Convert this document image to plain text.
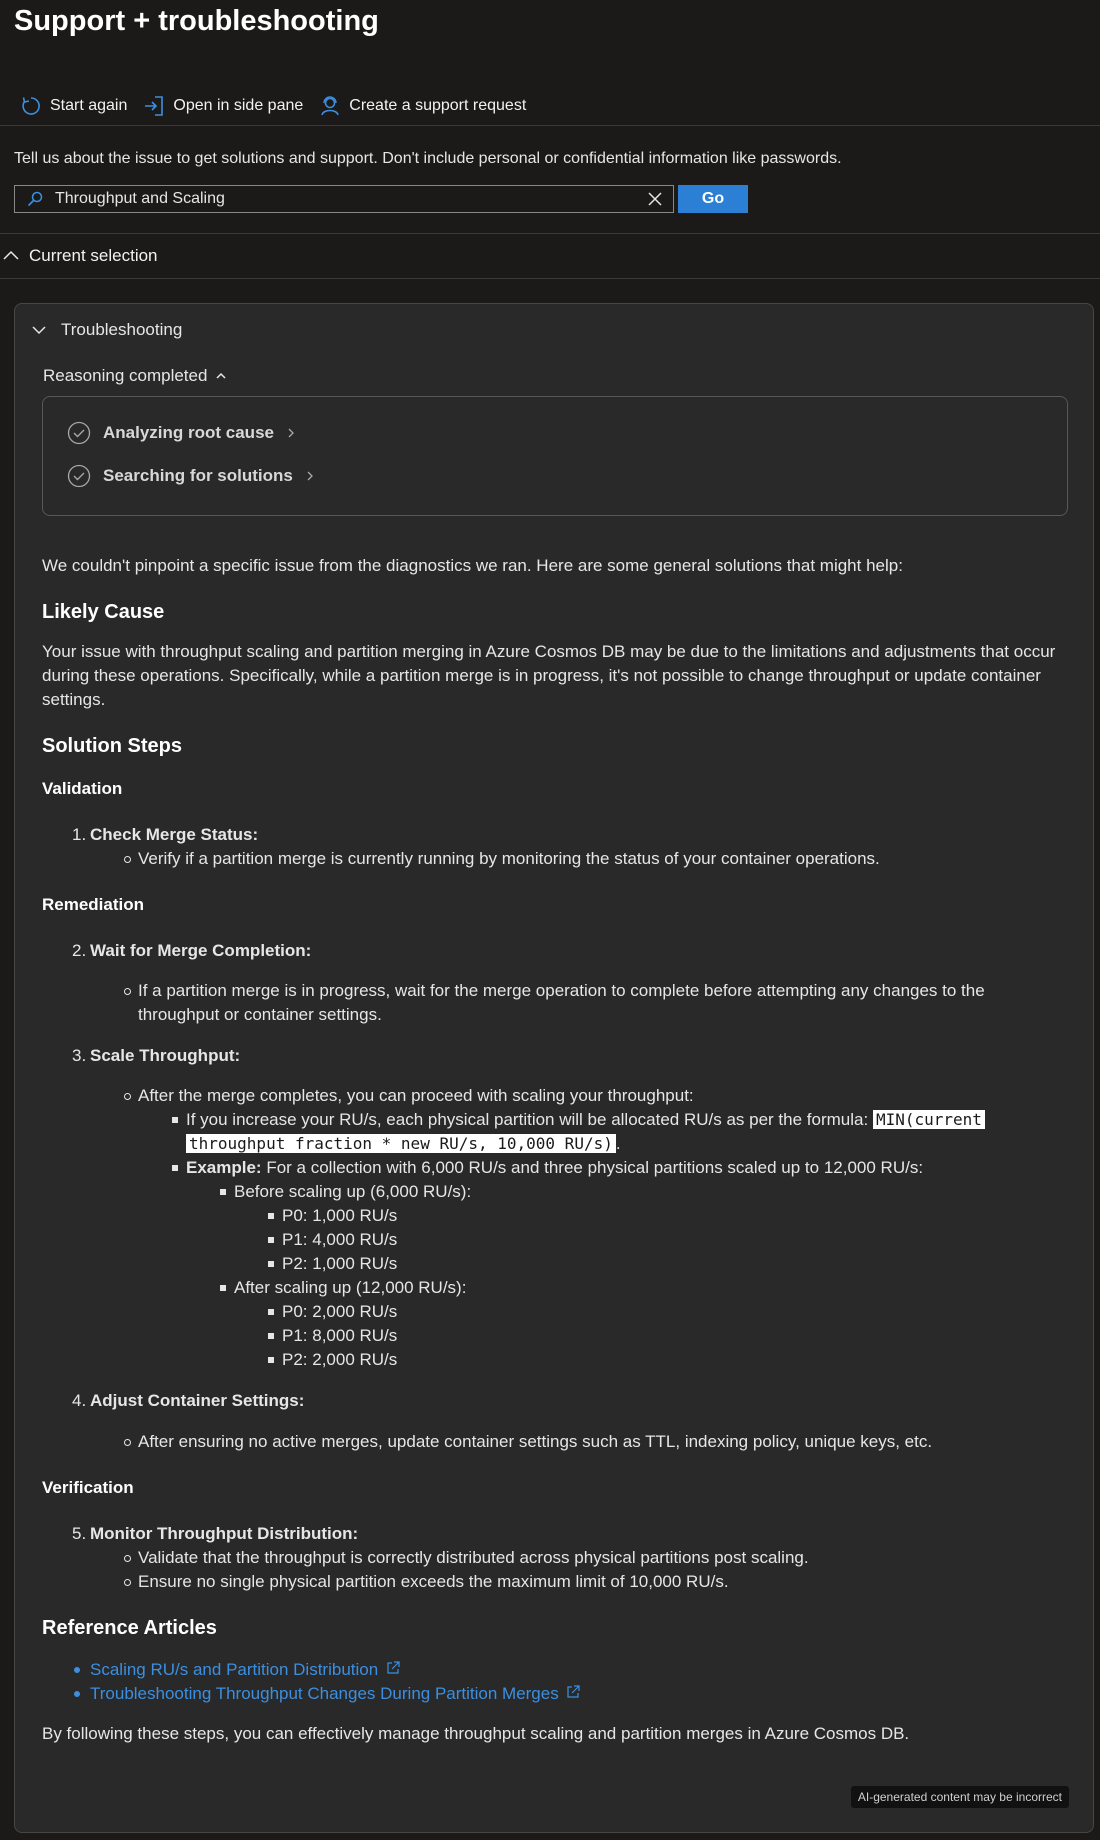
Support + troubleshooting
Start again	Open in side pane	Create a support request
Tell us about the issue to get solutions and support. Don't include personal or confidential information like passwords.
Throughput and Scaling
Go
Current selection
Troubleshooting
Reasoning completed
Analyzing root cause
Searching for solutions

We couldn't pinpoint a specific issue from the diagnostics we ran. Here are some general solutions that might help:

Likely Cause

Your issue with throughput scaling and partition merging in Azure Cosmos DB may be due to the limitations and adjustments that occur

during these operations. Specifically, while a partition merge is in progress, it's not possible to change throughput or update container

settings.

Solution Steps
Validation
1. Check Merge Status:
Verify if a partition merge is currently running by monitoring the status of your container operations.
Remediation
2. Wait for Merge Completion:
If a partition merge is in progress, wait for the merge operation to complete before attempting any changes to the
throughput or container settings.
3. Scale Throughput:
After the merge completes, you can proceed with scaling your throughput:
If you increase your RU/s, each physical partition will be allocated RU/s as per the formula: MIN(current
throughput fraction * new RU/s, 10,000 RU/s) .
Example: For a collection with 6,000 RU/s and three physical partitions scaled up to 12,000 RU/s:
Before scaling up (6,000 RU/s):
P0: 1,000 RU/s
P1: 4,000 RU/s
P2: 1,000 RU/s
After scaling up (12,000 RU/s):
P0: 2,000 RU/s
P1: 8,000 RU/s
P2: 2,000 RU/s
4. Adjust Container Settings:
After ensuring no active merges, update container settings such as TTL, indexing policy, unique keys, etc.
Verification
5. Monitor Throughput Distribution:
Validate that the throughput is correctly distributed across physical partitions post scaling.
Ensure no single physical partition exceeds the maximum limit of 10,000 RU/s.
Reference Articles
Scaling RU/s and Partition Distribution
Troubleshooting Throughput Changes During Partition Merges

By following these steps, you can effectively manage throughput scaling and partition merges in Azure Cosmos DB.

AI-generated content may be incorrect
